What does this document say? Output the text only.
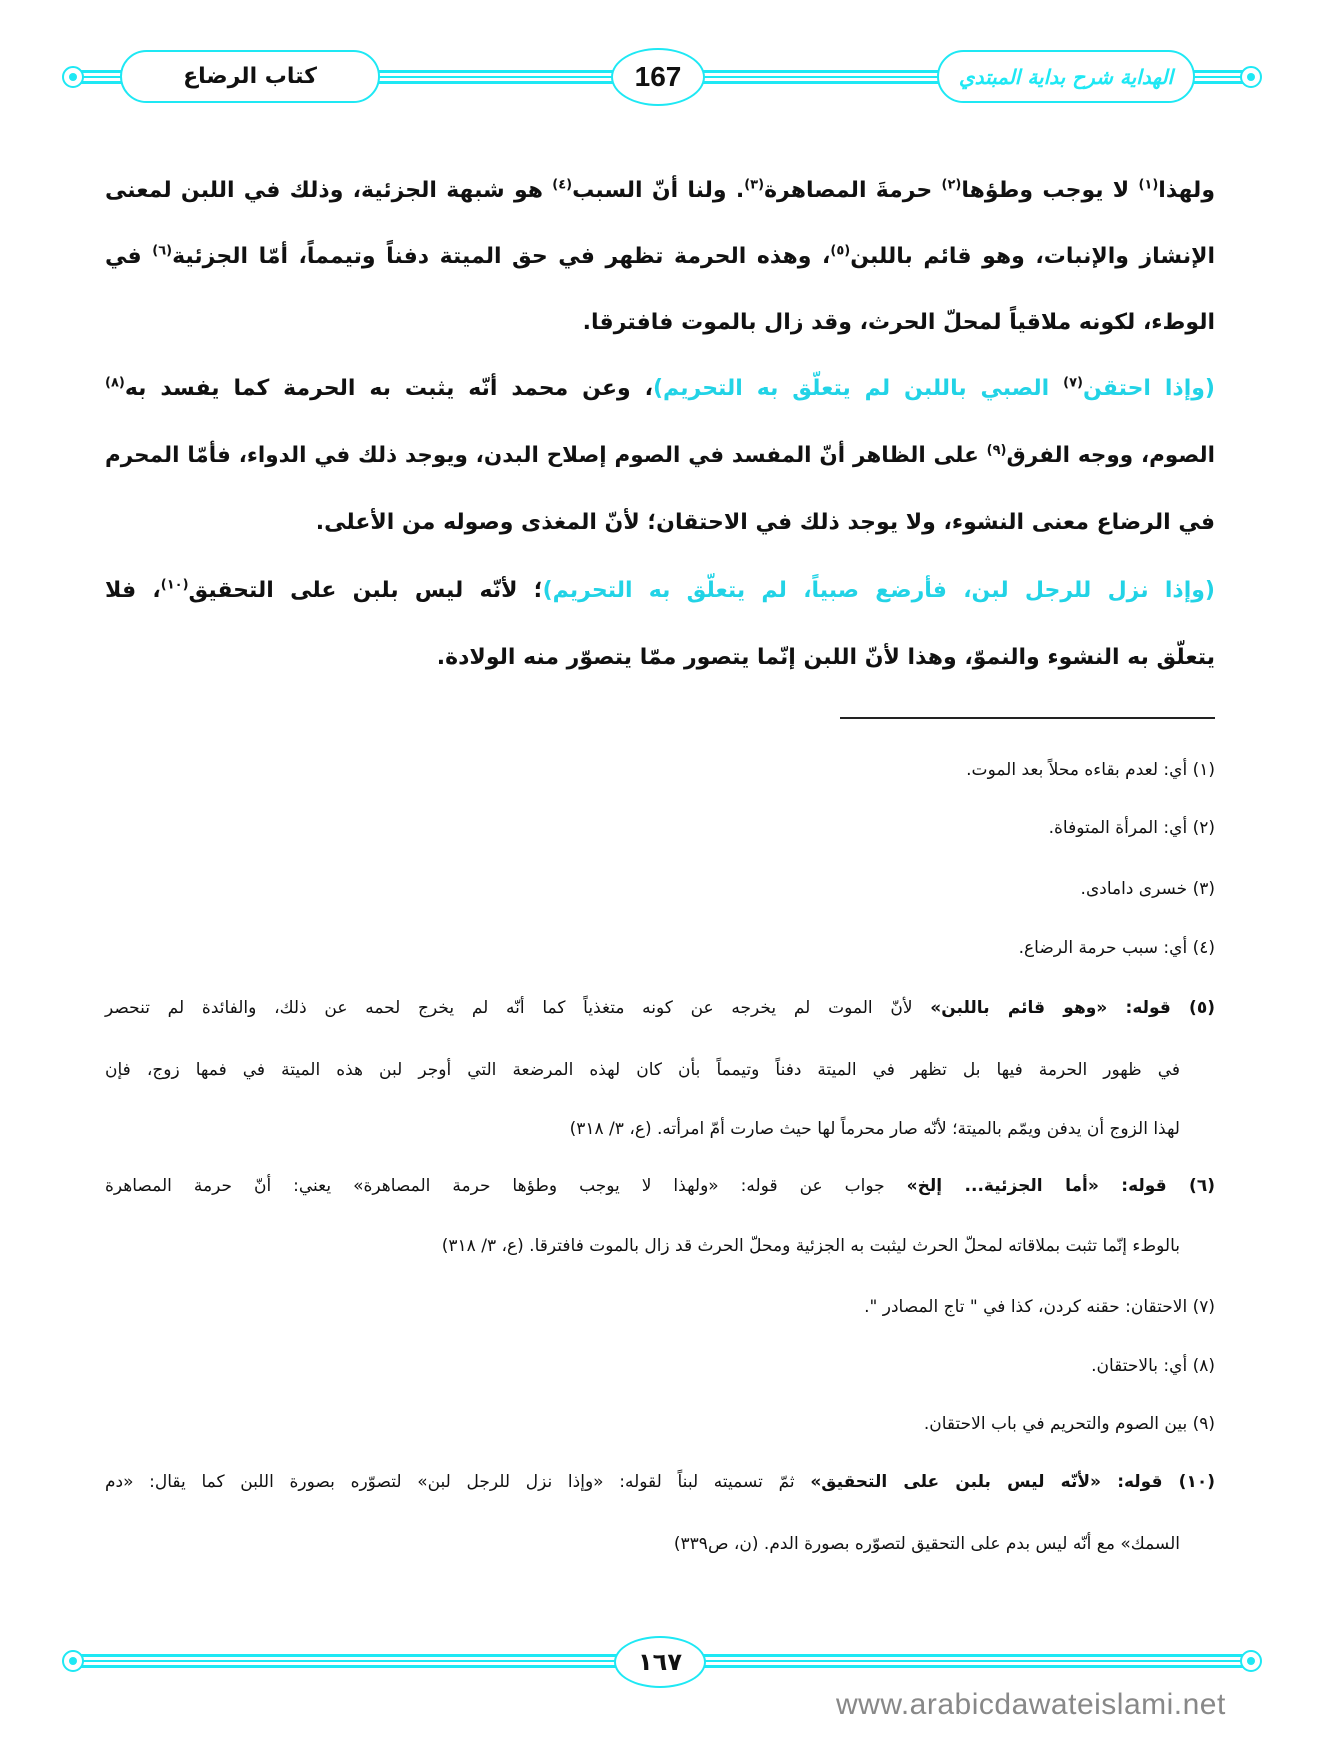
كتاب الرضاع	167	الهداية شرح بداية المبتدي
ولهذا$^{(١)}$ لا يوجب وطؤها$^{(٢)}$ حرمةَ المصاهرة$^{(٣)}$. ولنا أنّ السبب$^{(٤)}$ هو شبهة الجزئية، وذلك في اللبن لمعنى
الإنشاز والإنبات، وهو قائم باللبن$^{(٥)}$، وهذه الحرمة تظهر في حق الميتة دفناً وتيمماً، أمّا الجزئية$^{(٦)}$ في
الوطء، لكونه ملاقياً لمحلّ الحرث، وقد زال بالموت فافترقا.
(وإذا احتقن$^{(٧)}$ الصبي باللبن لم يتعلّق به التحريم)، وعن محمد أنّه يثبت به الحرمة كما يفسد به$^{(٨)}$
الصوم، ووجه الفرق$^{(٩)}$ على الظاهر أنّ المفسد في الصوم إصلاح البدن، ويوجد ذلك في الدواء، فأمّا المحرم
في الرضاع معنى النشوء، ولا يوجد ذلك في الاحتقان؛ لأنّ المغذى وصوله من الأعلى.
(وإذا نزل للرجل لبن، فأرضع صبياً، لم يتعلّق به التحريم)؛ لأنّه ليس بلبن على التحقيق$^{(١٠)}$، فلا
يتعلّق به النشوء والنموّ، وهذا لأنّ اللبن إنّما يتصور ممّا يتصوّر منه الولادة.
(١) أي: لعدم بقاءه محلاً بعد الموت.
(٢) أي: المرأة المتوفاة.
(٣) خسرى دامادى.
(٤) أي: سبب حرمة الرضاع.
(٥) قوله: «وهو قائم باللبن» لأنّ الموت لم يخرجه عن كونه متغذياً كما أنّه لم يخرج لحمه عن ذلك، والفائدة لم تنحصر
في ظهور الحرمة فيها بل تظهر في الميتة دفناً وتيمماً بأن كان لهذه المرضعة التي أوجر لبن هذه الميتة في فمها زوج، فإن
لهذا الزوج أن يدفن ويمّم بالميتة؛ لأنّه صار محرماً لها حيث صارت أمّ امرأته. (ع، ٣/ ٣١٨)
(٦) قوله: «أما الجزئية... إلخ» جواب عن قوله: «ولهذا لا يوجب وطؤها حرمة المصاهرة» يعني: أنّ حرمة المصاهرة
بالوطء إنّما تثبت بملاقاته لمحلّ الحرث ليثبت به الجزئية ومحلّ الحرث قد زال بالموت فافترقا. (ع، ٣/ ٣١٨)
(٧) الاحتقان: حقنه كردن، كذا في " تاج المصادر ".
(٨) أي: بالاحتقان.
(٩) بين الصوم والتحريم في باب الاحتقان.
(١٠) قوله: «لأنّه ليس بلبن على التحقيق» ثمّ تسميته لبناً لقوله: «وإذا نزل للرجل لبن» لتصوّره بصورة اللبن كما يقال: «دم
السمك» مع أنّه ليس بدم على التحقيق لتصوّره بصورة الدم. (ن، ص٣٣٩)
١٦٧
www.arabicdawateislami.net
